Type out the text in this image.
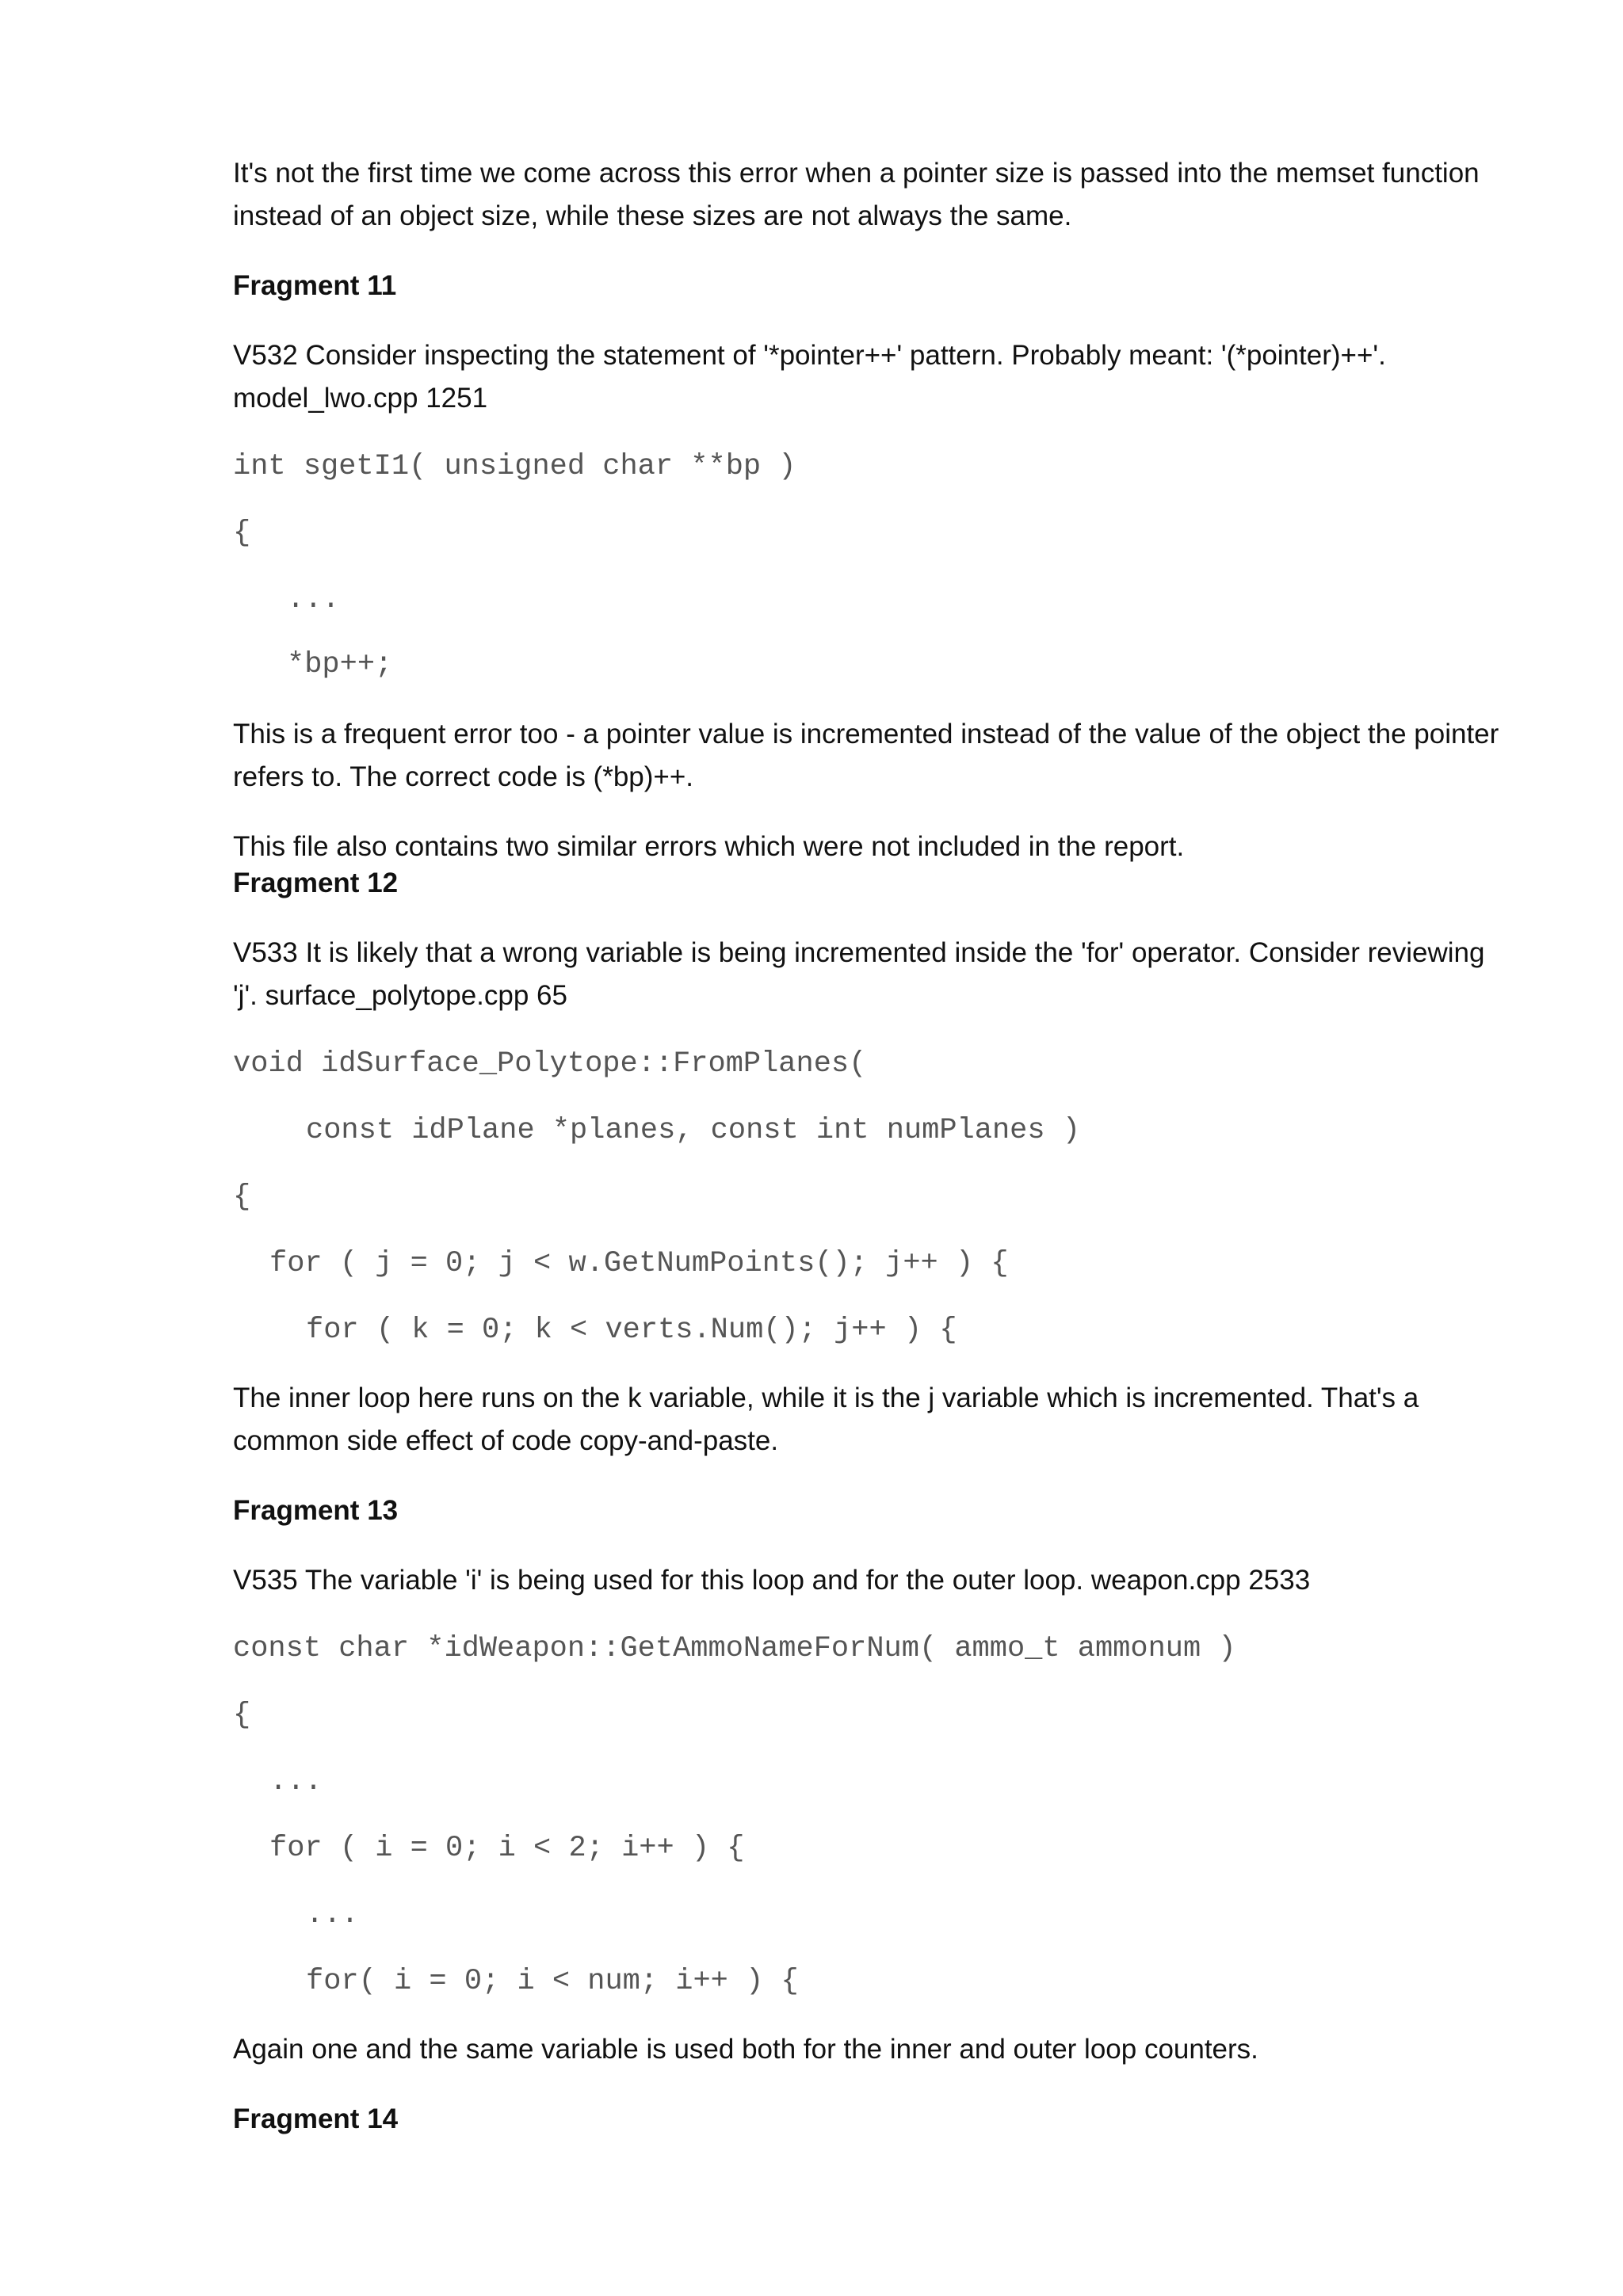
It's not the first time we come across this error when a pointer size is passed into the memset function

instead of an object size, while these sizes are not always the same.

Fragment 11

V532 Consider inspecting the statement of '*pointer++' pattern. Probably meant: '(*pointer)++'.

model_lwo.cpp 1251

int sgetI1( unsigned char **bp )
{
...
*bp++;

This is a frequent error too - a pointer value is incremented instead of the value of the object the pointer

refers to. The correct code is (*bp)++.

This file also contains two similar errors which were not included in the report.

Fragment 12

V533 It is likely that a wrong variable is being incremented inside the 'for' operator. Consider reviewing

'j'. surface_polytope.cpp 65

void idSurface_Polytope::FromPlanes(
const idPlane *planes, const int numPlanes )
{
for ( j = 0; j < w.GetNumPoints(); j++ ) {
for ( k = 0; k < verts.Num(); j++ ) {

The inner loop here runs on the k variable, while it is the j variable which is incremented. That's a

common side effect of code copy-and-paste.

Fragment 13

V535 The variable 'i' is being used for this loop and for the outer loop. weapon.cpp 2533

const char *idWeapon::GetAmmoNameForNum( ammo_t ammonum )
{
...
for ( i = 0; i < 2; i++ ) {
...
for( i = 0; i < num; i++ ) {

Again one and the same variable is used both for the inner and outer loop counters.

Fragment 14
